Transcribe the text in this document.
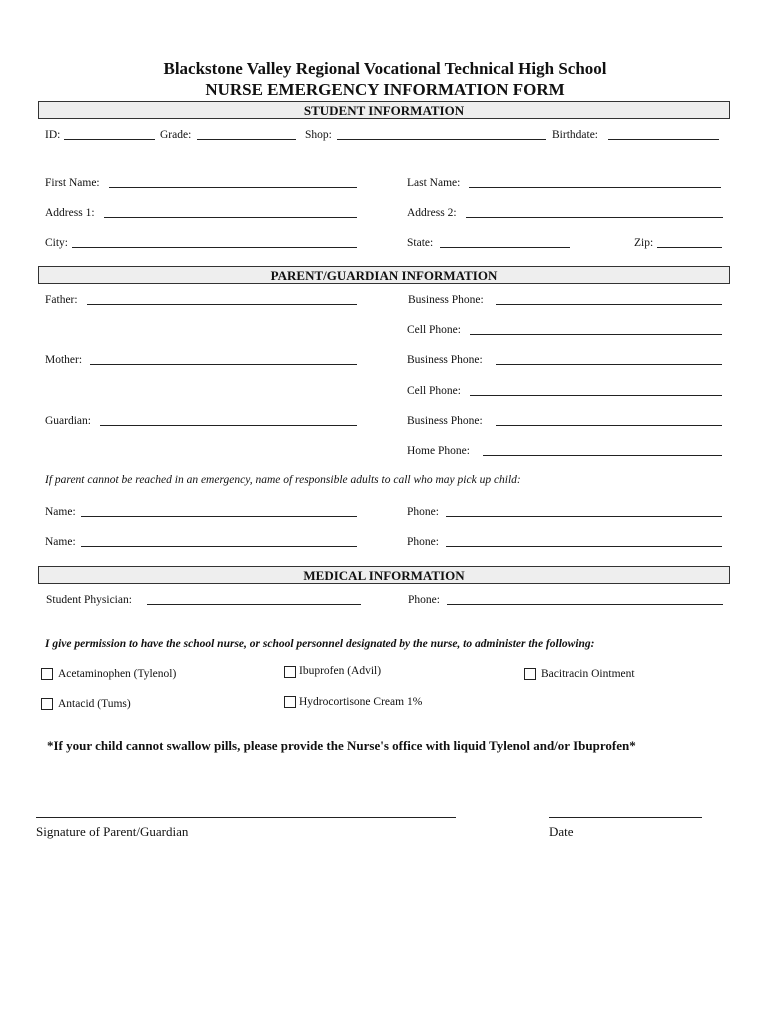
Blackstone Valley Regional Vocational Technical High School
NURSE EMERGENCY INFORMATION FORM
STUDENT INFORMATION
ID:	Grade:	Shop:	Birthdate:
First Name:	Last Name:
Address 1:	Address 2:
City:	State:	Zip:
PARENT/GUARDIAN INFORMATION
Father:	Business Phone:
Cell Phone:
Mother:	Business Phone:
Cell Phone:
Guardian:	Business Phone:
Home Phone:
If parent cannot be reached in an emergency, name of responsible adults to call who may pick up child:
Name:	Phone:
Name:	Phone:
MEDICAL INFORMATION
Student Physician:	Phone:
I give permission to have the school nurse, or school personnel designated by the nurse, to administer the following:
Acetaminophen (Tylenol)	Ibuprofen (Advil)	Bacitracin Ointment
Antacid (Tums)	Hydrocortisone Cream 1%
*If your child cannot swallow pills, please provide the Nurse's office with liquid Tylenol and/or Ibuprofen*
Signature of Parent/Guardian	Date
